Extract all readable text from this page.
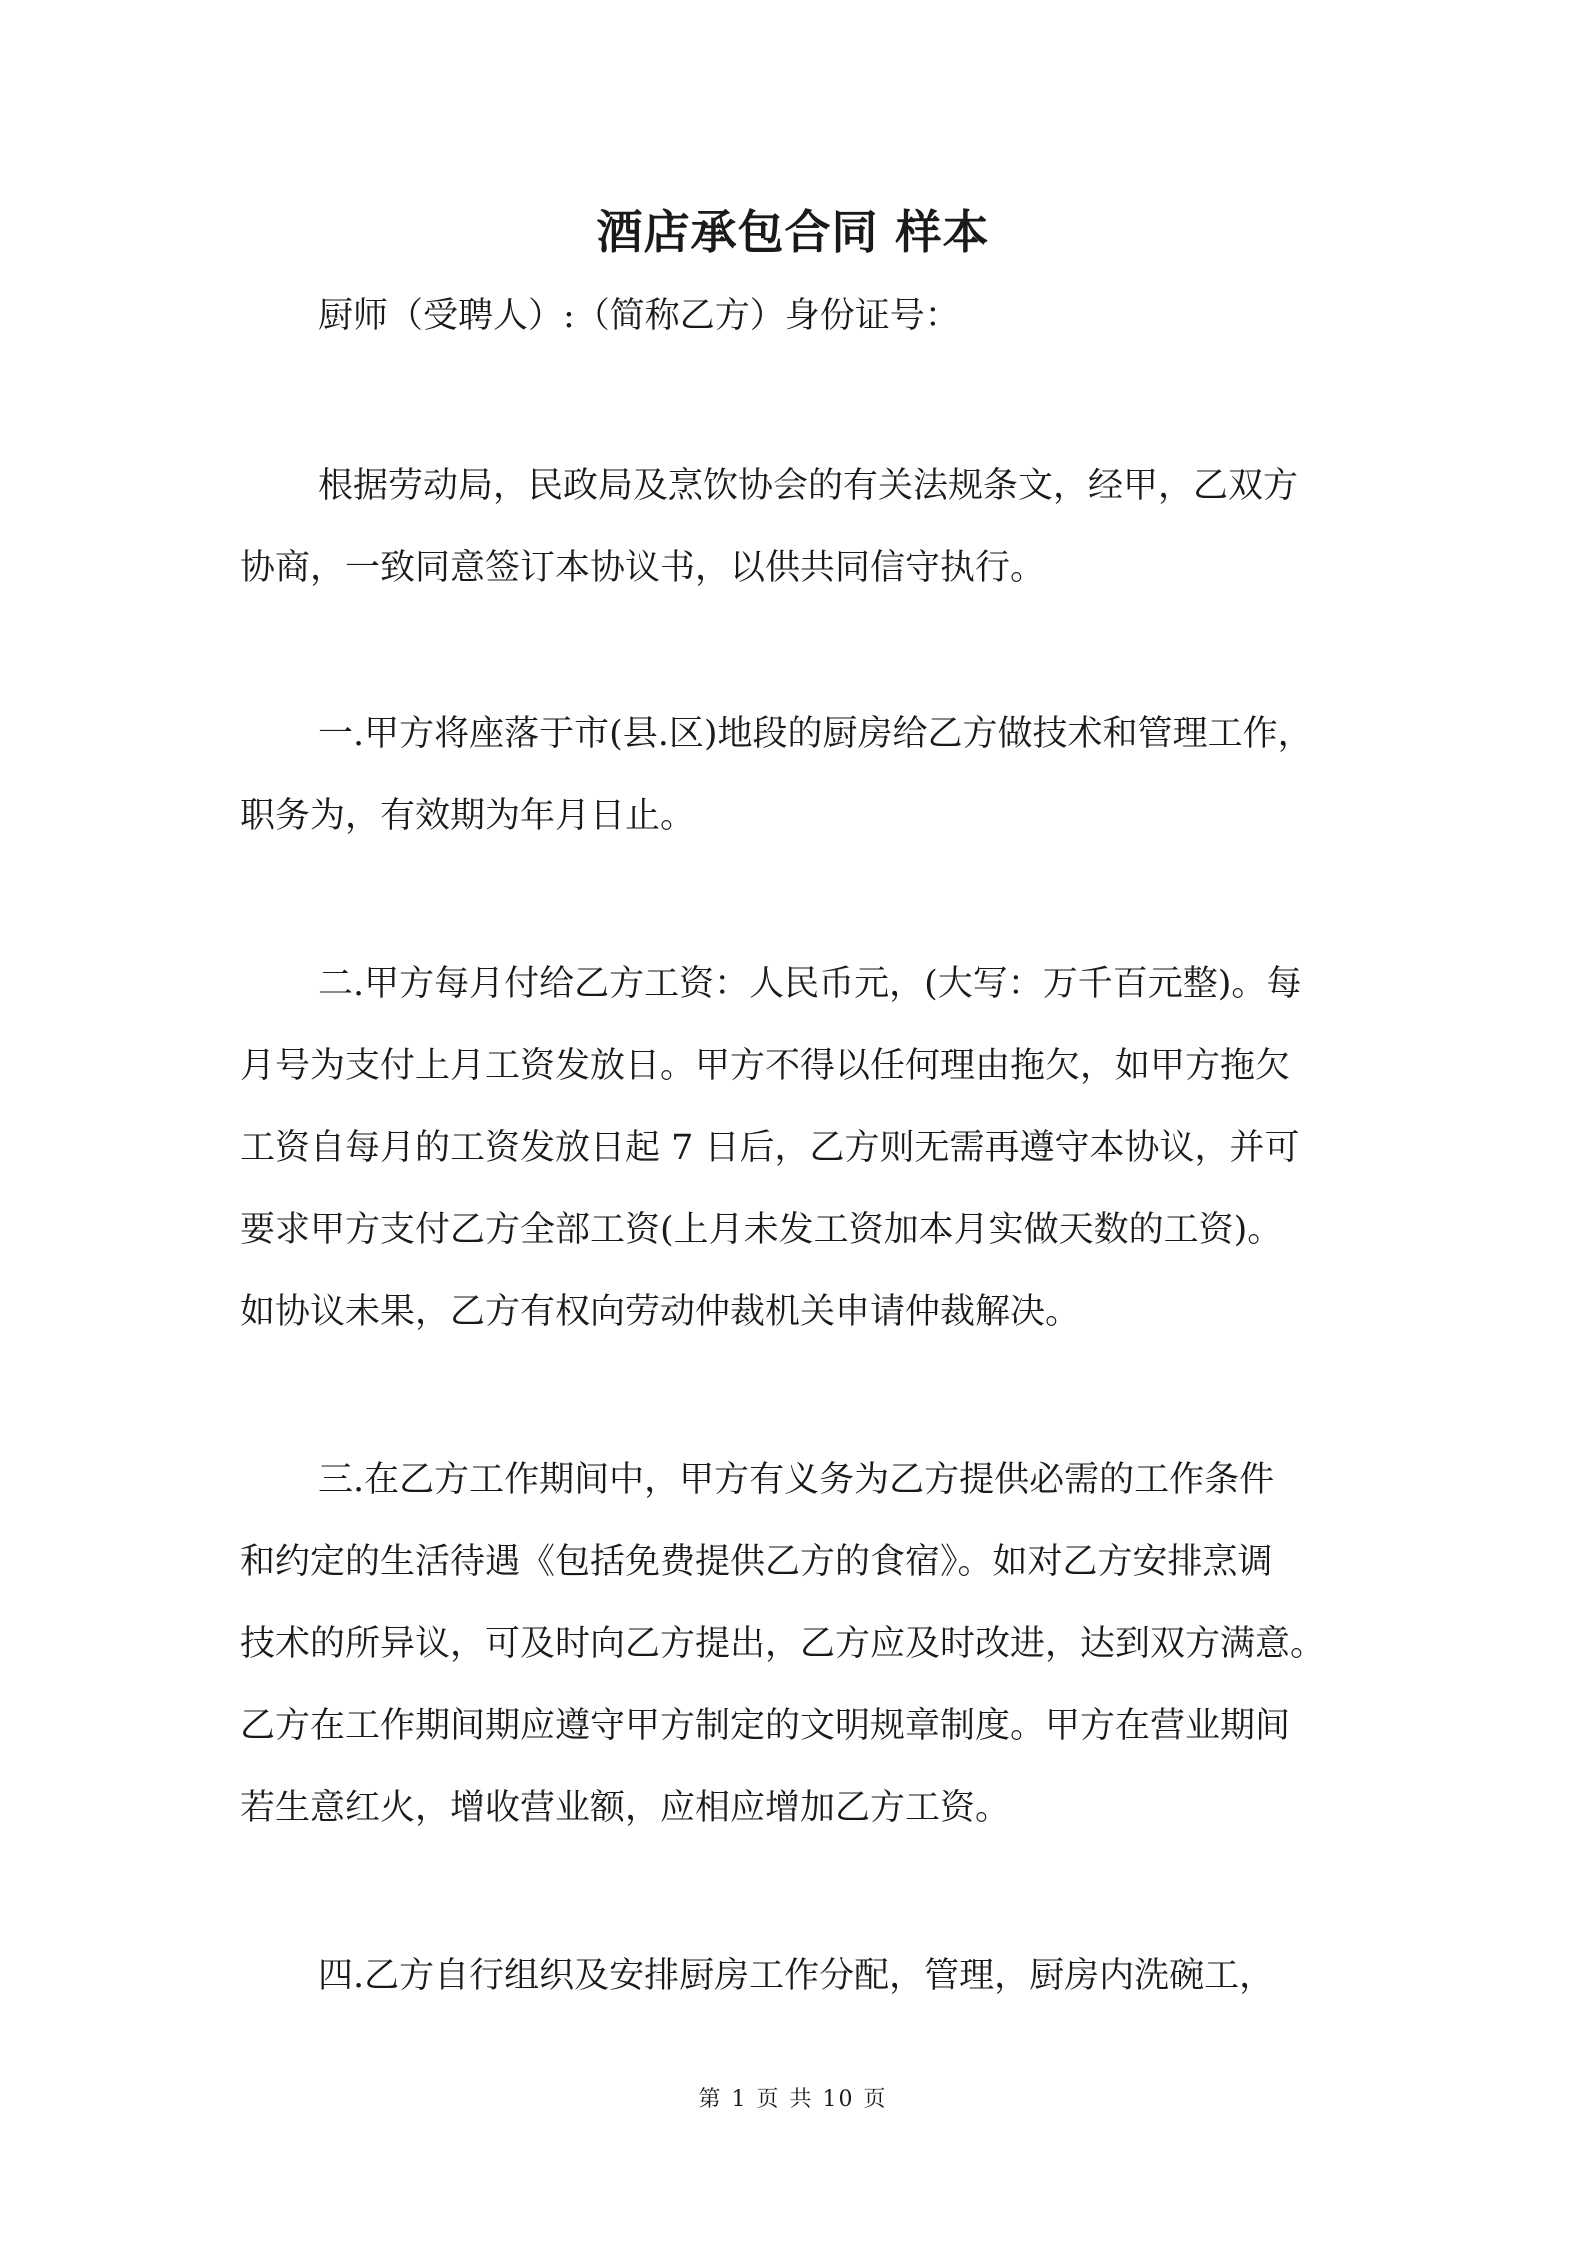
酒店承包合同 样本
厨师（受聘人）:（简称乙方）身份证号：
根据劳动局，民政局及烹饮协会的有关法规条文，经甲，乙双方
协商，一致同意签订本协议书，以供共同信守执行。
一.甲方将座落于市(县.区)地段的厨房给乙方做技术和管理工作，
职务为，有效期为年月日止。
二.甲方每月付给乙方工资：人民币元，(大写：万千百元整)。每
月号为支付上月工资发放日。甲方不得以任何理由拖欠，如甲方拖欠
工资自每月的工资发放日起 7 日后，乙方则无需再遵守本协议，并可
要求甲方支付乙方全部工资(上月未发工资加本月实做天数的工资)。
如协议未果，乙方有权向劳动仲裁机关申请仲裁解决。
三.在乙方工作期间中，甲方有义务为乙方提供必需的工作条件
和约定的生活待遇《包括免费提供乙方的食宿》。如对乙方安排烹调
技术的所异议，可及时向乙方提出，乙方应及时改进，达到双方满意。
乙方在工作期间期应遵守甲方制定的文明规章制度。甲方在营业期间
若生意红火，增收营业额，应相应增加乙方工资。
四.乙方自行组织及安排厨房工作分配，管理，厨房内洗碗工，
第 1 页 共 10 页
